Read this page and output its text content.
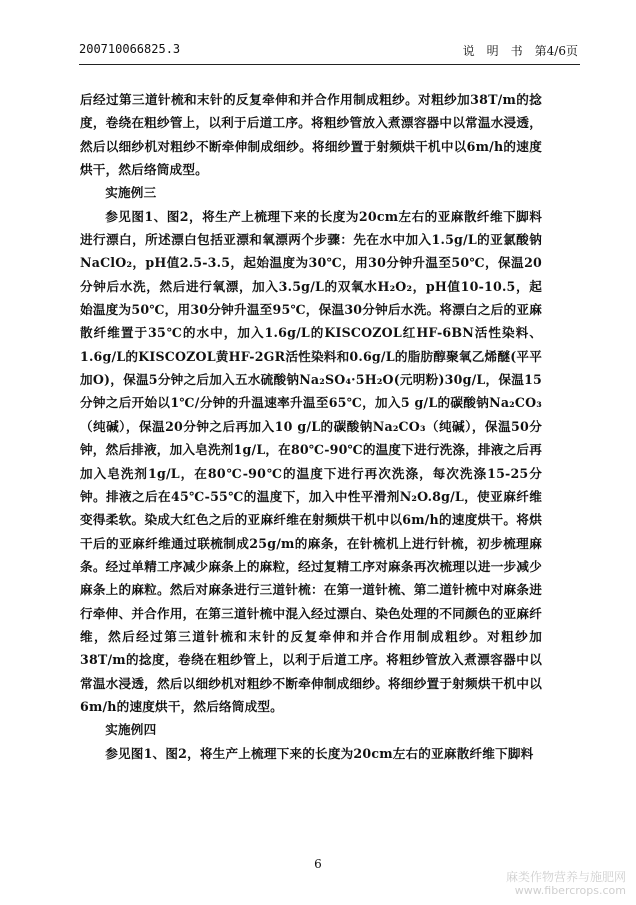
200710066825.3	说　明　书　第4/6页

后经过第三道针梳和末针的反复牵伸和并合作用制成粗纱。对粗纱加38T/m的捻度，卷绕在粗纱管上，以利于后道工序。将粗纱管放入煮漂容器中以常温水浸透，然后以细纱机对粗纱不断牵伸制成细纱。将细纱置于射频烘干机中以6m/h的速度烘干，然后络筒成型。

实施例三

参见图1、图2，将生产上梳理下来的长度为20cm左右的亚麻散纤维下脚料进行漂白，所述漂白包括亚漂和氧漂两个步骤：先在水中加入1.5g/L的亚氯酸钠NaClO₂，pH值2.5-3.5，起始温度为30℃，用30分钟升温至50℃，保温20分钟后水洗，然后进行氧漂，加入3.5g/L的双氧水H₂O₂，pH值10-10.5，起始温度为50℃，用30分钟升温至95℃，保温30分钟后水洗。将漂白之后的亚麻散纤维置于35℃的水中，加入1.6g/L的KISCOZOL红HF-6BN活性染料、1.6g/L的KISCOZOL黄HF-2GR活性染料和0.6g/L的脂肪醇聚氧乙烯醚(平平加O)，保温5分钟之后加入五水硫酸钠Na₂SO₄·5H₂O(元明粉)30g/L，保温15分钟之后开始以1℃/分钟的升温速率升温至65℃，加入5 g/L的碳酸钠Na₂CO₃（纯碱），保温20分钟之后再加入10 g/L的碳酸钠Na₂CO₃（纯碱），保温50分钟，然后排液，加入皂洗剂1g/L，在80℃-90℃的温度下进行洗涤，排液之后再加入皂洗剂1g/L，在80℃-90℃的温度下进行再次洗涤，每次洗涤15-25分钟。排液之后在45℃-55℃的温度下，加入中性平滑剂N₂O.8g/L，使亚麻纤维变得柔软。染成大红色之后的亚麻纤维在射频烘干机中以6m/h的速度烘干。将烘干后的亚麻纤维通过联梳制成25g/m的麻条，在针梳机上进行针梳，初步梳理麻条。经过单精工序减少麻条上的麻粒，经过复精工序对麻条再次梳理以进一步减少麻条上的麻粒。然后对麻条进行三道针梳：在第一道针梳、第二道针梳中对麻条进行牵伸、并合作用，在第三道针梳中混入经过漂白、染色处理的不同颜色的亚麻纤维，然后经过第三道针梳和末针的反复牵伸和并合作用制成粗纱。对粗纱加38T/m的捻度，卷绕在粗纱管上，以利于后道工序。将粗纱管放入煮漂容器中以常温水浸透，然后以细纱机对粗纱不断牵伸制成细纱。将细纱置于射频烘干机中以6m/h的速度烘干，然后络筒成型。

实施例四

参见图1、图2，将生产上梳理下来的长度为20cm左右的亚麻散纤维下脚料

6
麻类作物营养与施肥网
www.fibercrops.com
